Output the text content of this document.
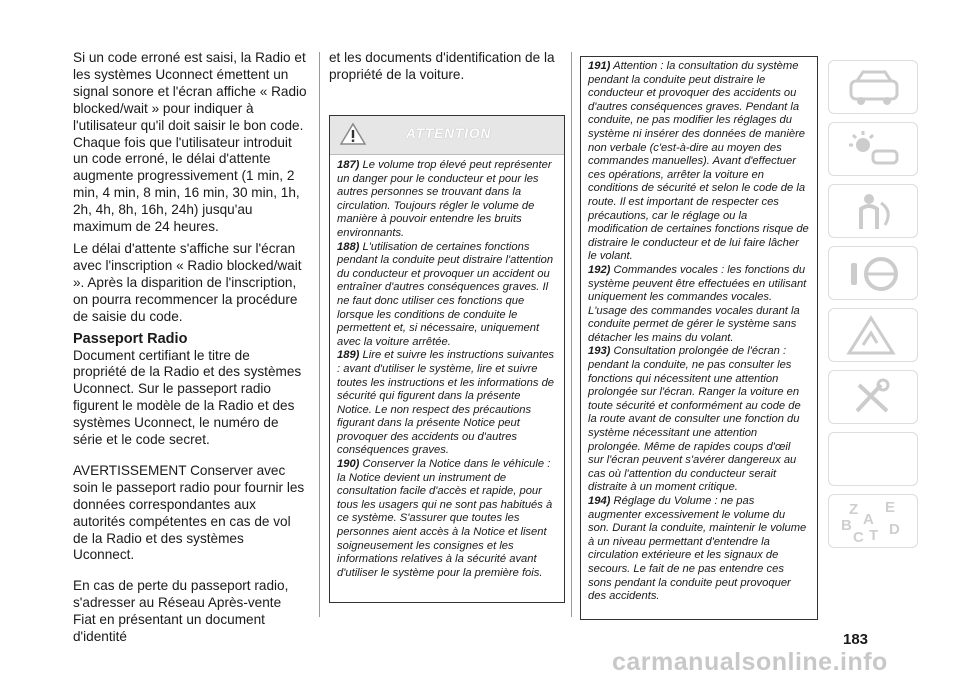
Si un code erroné est saisi, la Radio et les systèmes Uconnect émettent un signal sonore et l'écran affiche « Radio blocked/wait » pour indiquer à l'utilisateur qu'il doit saisir le bon code. Chaque fois que l'utilisateur introduit un code erroné, le délai d'attente augmente progressivement (1 min, 2 min, 4 min, 8 min, 16 min, 30 min, 1h, 2h, 4h, 8h, 16h, 24h) jusqu'au maximum de 24 heures.

Le délai d'attente s'affiche sur l'écran avec l'inscription « Radio blocked/wait ». Après la disparition de l'inscription, on pourra recommencer la procédure de saisie du code.

Passeport Radio

Document certifiant le titre de propriété de la Radio et des systèmes Uconnect. Sur le passeport radio figurent le modèle de la Radio et des systèmes Uconnect, le numéro de série et le code secret.

AVERTISSEMENT Conserver avec soin le passeport radio pour fournir les données correspondantes aux autorités compétentes en cas de vol de la Radio et des systèmes Uconnect.

En cas de perte du passeport radio, s'adresser au Réseau Après-vente Fiat en présentant un document d'identité

et les documents d'identification de la propriété de la voiture.
ATTENTION

187) Le volume trop élevé peut représenter un danger pour le conducteur et pour les autres personnes se trouvant dans la circulation. Toujours régler le volume de manière à pouvoir entendre les bruits environnants.

188) L'utilisation de certaines fonctions pendant la conduite peut distraire l'attention du conducteur et provoquer un accident ou entraîner d'autres conséquences graves. Il ne faut donc utiliser ces fonctions que lorsque les conditions de conduite le permettent et, si nécessaire, uniquement avec la voiture arrêtée.

189) Lire et suivre les instructions suivantes : avant d'utiliser le système, lire et suivre toutes les instructions et les informations de sécurité qui figurent dans la présente Notice. Le non respect des précautions figurant dans la présente Notice peut provoquer des accidents ou d'autres conséquences graves.

190) Conserver la Notice dans le véhicule : la Notice devient un instrument de consultation facile d'accès et rapide, pour tous les usagers qui ne sont pas habitués à ce système. S'assurer que toutes les personnes aient accès à la Notice et lisent soigneusement les consignes et les informations relatives à la sécurité avant d'utiliser le système pour la première fois.

191) Attention : la consultation du système pendant la conduite peut distraire le conducteur et provoquer des accidents ou d'autres conséquences graves. Pendant la conduite, ne pas modifier les réglages du système ni insérer des données de manière non verbale (c'est-à-dire au moyen des commandes manuelles). Avant d'effectuer ces opérations, arrêter la voiture en conditions de sécurité et selon le code de la route. Il est important de respecter ces précautions, car le réglage ou la modification de certaines fonctions risque de distraire le conducteur et de lui faire lâcher le volant.

192) Commandes vocales : les fonctions du système peuvent être effectuées en utilisant uniquement les commandes vocales. L'usage des commandes vocales durant la conduite permet de gérer le système sans détacher les mains du volant.

193) Consultation prolongée de l'écran : pendant la conduite, ne pas consulter les fonctions qui nécessitent une attention prolongée sur l'écran. Ranger la voiture en toute sécurité et conformément au code de la route avant de consulter une fonction du système nécessitant une attention prolongée. Même de rapides coups d'œil sur l'écran peuvent s'avérer dangereux au cas où l'attention du conducteur serait distraite à un moment critique.

194) Réglage du Volume : ne pas augmenter excessivement le volume du son. Durant la conduite, maintenir le volume à un niveau permettant d'entendre la circulation extérieure et les signaux de secours. Le fait de ne pas entendre ces sons pendant la conduite peut provoquer des accidents.

Z E
B A
C T D
183
carmanualsonline.info
